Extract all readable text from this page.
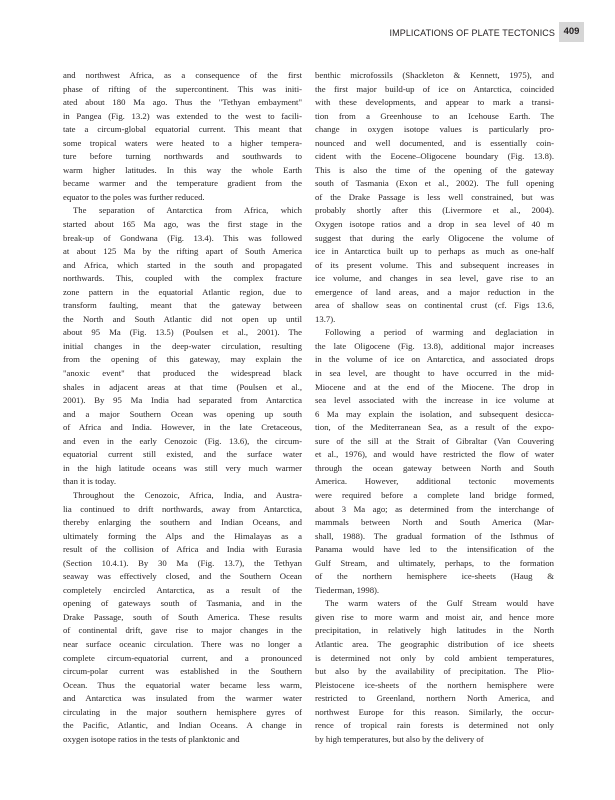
IMPLICATIONS OF PLATE TECTONICS 409

and northwest Africa, as a consequence of the first
phase of rifting of the supercontinent. This was initi-
ated about 180 Ma ago. Thus the "Tethyan embayment"
in Pangea (Fig. 13.2) was extended to the west to facili-
tate a circum-global equatorial current. This meant that
some tropical waters were heated to a higher tempera-
ture before turning northwards and southwards to
warm higher latitudes. In this way the whole Earth
became warmer and the temperature gradient from the
equator to the poles was further reduced.

The separation of Antarctica from Africa, which
started about 165 Ma ago, was the first stage in the
break-up of Gondwana (Fig. 13.4). This was followed
at about 125 Ma by the rifting apart of South America
and Africa, which started in the south and propagated
northwards. This, coupled with the complex fracture
zone pattern in the equatorial Atlantic region, due to
transform faulting, meant that the gateway between
the North and South Atlantic did not open up until
about 95 Ma (Fig. 13.5) (Poulsen et al., 2001). The
initial changes in the deep-water circulation, resulting
from the opening of this gateway, may explain the
"anoxic event" that produced the widespread black
shales in adjacent areas at that time (Poulsen et al.,
2001). By 95 Ma India had separated from Antarctica
and a major Southern Ocean was opening up south
of Africa and India. However, in the late Cretaceous,
and even in the early Cenozoic (Fig. 13.6), the circum-
equatorial current still existed, and the surface water
in the high latitude oceans was still very much warmer
than it is today.

Throughout the Cenozoic, Africa, India, and Austra-
lia continued to drift northwards, away from Antarctica,
thereby enlarging the southern and Indian Oceans, and
ultimately forming the Alps and the Himalayas as a
result of the collision of Africa and India with Eurasia
(Section 10.4.1). By 30 Ma (Fig. 13.7), the Tethyan
seaway was effectively closed, and the Southern Ocean
completely encircled Antarctica, as a result of the
opening of gateways south of Tasmania, and in the
Drake Passage, south of South America. These results
of continental drift, gave rise to major changes in the
near surface oceanic circulation. There was no longer a
complete circum-equatorial current, and a pronounced
circum-polar current was established in the Southern
Ocean. Thus the equatorial water became less warm,
and Antarctica was insulated from the warmer water
circulating in the major southern hemisphere gyres of
the Pacific, Atlantic, and Indian Oceans. A change in
oxygen isotope ratios in the tests of planktonic and

benthic microfossils (Shackleton & Kennett, 1975), and
the first major build-up of ice on Antarctica, coincided
with these developments, and appear to mark a transi-
tion from a Greenhouse to an Icehouse Earth. The
change in oxygen isotope values is particularly pro-
nounced and well documented, and is essentially coin-
cident with the Eocene–Oligocene boundary (Fig. 13.8).
This is also the time of the opening of the gateway
south of Tasmania (Exon et al., 2002). The full opening
of the Drake Passage is less well constrained, but was
probably shortly after this (Livermore et al., 2004).
Oxygen isotope ratios and a drop in sea level of 40 m
suggest that during the early Oligocene the volume of
ice in Antarctica built up to perhaps as much as one-half
of its present volume. This and subsequent increases in
ice volume, and changes in sea level, gave rise to an
emergence of land areas, and a major reduction in the
area of shallow seas on continental crust (cf. Figs 13.6,
13.7).

Following a period of warming and deglaciation in
the late Oligocene (Fig. 13.8), additional major increases
in the volume of ice on Antarctica, and associated drops
in sea level, are thought to have occurred in the mid-
Miocene and at the end of the Miocene. The drop in
sea level associated with the increase in ice volume at
6 Ma may explain the isolation, and subsequent desicca-
tion, of the Mediterranean Sea, as a result of the expo-
sure of the sill at the Strait of Gibraltar (Van Couvering
et al., 1976), and would have restricted the flow of water
through the ocean gateway between North and South
America. However, additional tectonic movements
were required before a complete land bridge formed,
about 3 Ma ago; as determined from the interchange of
mammals between North and South America (Mar-
shall, 1988). The gradual formation of the Isthmus of
Panama would have led to the intensification of the
Gulf Stream, and ultimately, perhaps, to the formation
of the northern hemisphere ice-sheets (Haug &
Tiederman, 1998).

The warm waters of the Gulf Stream would have
given rise to more warm and moist air, and hence more
precipitation, in relatively high latitudes in the North
Atlantic area. The geographic distribution of ice sheets
is determined not only by cold ambient temperatures,
but also by the availability of precipitation. The Plio-
Pleistocene ice-sheets of the northern hemisphere were
restricted to Greenland, northern North America, and
northwest Europe for this reason. Similarly, the occur-
rence of tropical rain forests is determined not only
by high temperatures, but also by the delivery of
